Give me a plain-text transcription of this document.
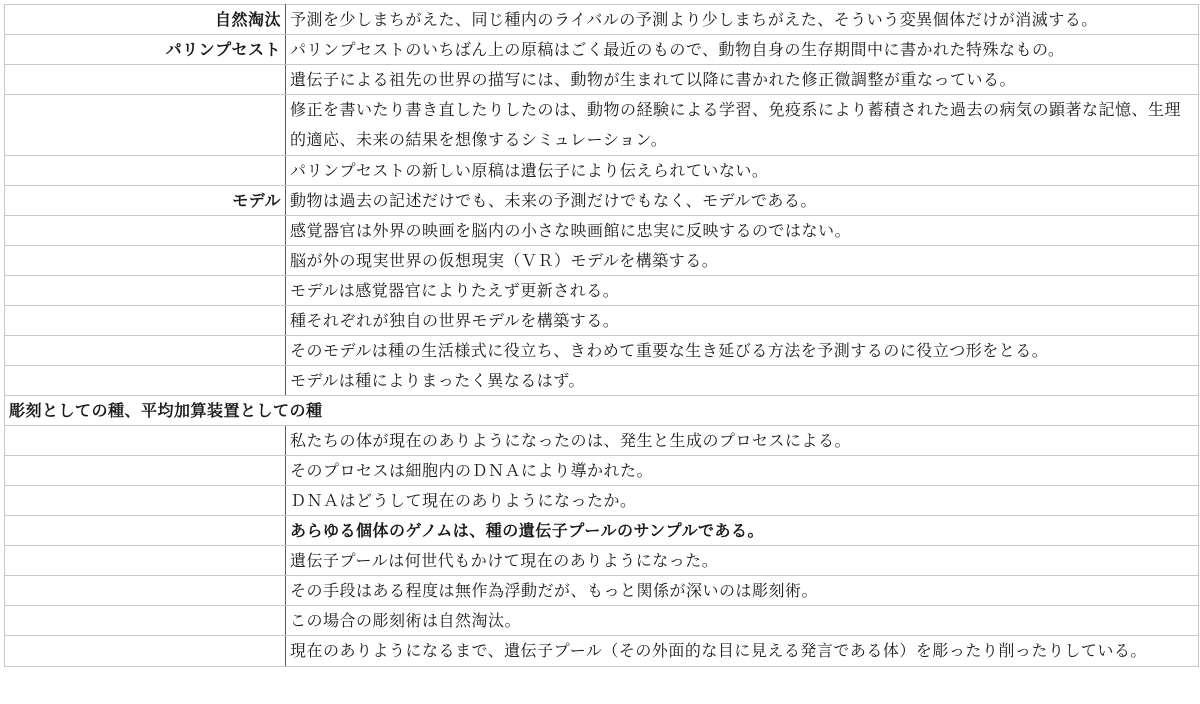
自然淘汰	予測を少しまちがえた、同じ種内のライバルの予測より少しまちがえた、そういう変異個体だけが消滅する。
パリンプセスト	パリンプセストのいちばん上の原稿はごく最近のもので、動物自身の生存期間中に書かれた特殊なもの。
	遺伝子による祖先の世界の描写には、動物が生まれて以降に書かれた修正微調整が重なっている。
	修正を書いたり書き直したりしたのは、動物の経験による学習、免疫系により蓄積された過去の病気の顕著な記憶、生理的適応、未来の結果を想像するシミュレーション。
	パリンプセストの新しい原稿は遺伝子により伝えられていない。
モデル	動物は過去の記述だけでも、未来の予測だけでもなく、モデルである。
	感覚器官は外界の映画を脳内の小さな映画館に忠実に反映するのではない。
	脳が外の現実世界の仮想現実（ＶＲ）モデルを構築する。
	モデルは感覚器官によりたえず更新される。
	種それぞれが独自の世界モデルを構築する。
	そのモデルは種の生活様式に役立ち、きわめて重要な生き延びる方法を予測するのに役立つ形をとる。
	モデルは種によりまったく異なるはず。
彫刻としての種、平均加算装置としての種	
	私たちの体が現在のありようになったのは、発生と生成のプロセスによる。
	そのプロセスは細胞内のＤＮＡにより導かれた。
	ＤＮＡはどうして現在のありようになったか。
	あらゆる個体のゲノムは、種の遺伝子プールのサンプルである。
	遺伝子プールは何世代もかけて現在のありようになった。
	その手段はある程度は無作為浮動だが、もっと関係が深いのは彫刻術。
	この場合の彫刻術は自然淘汰。
	現在のありようになるまで、遺伝子プール（その外面的な目に見える発言である体）を彫ったり削ったりしている。
